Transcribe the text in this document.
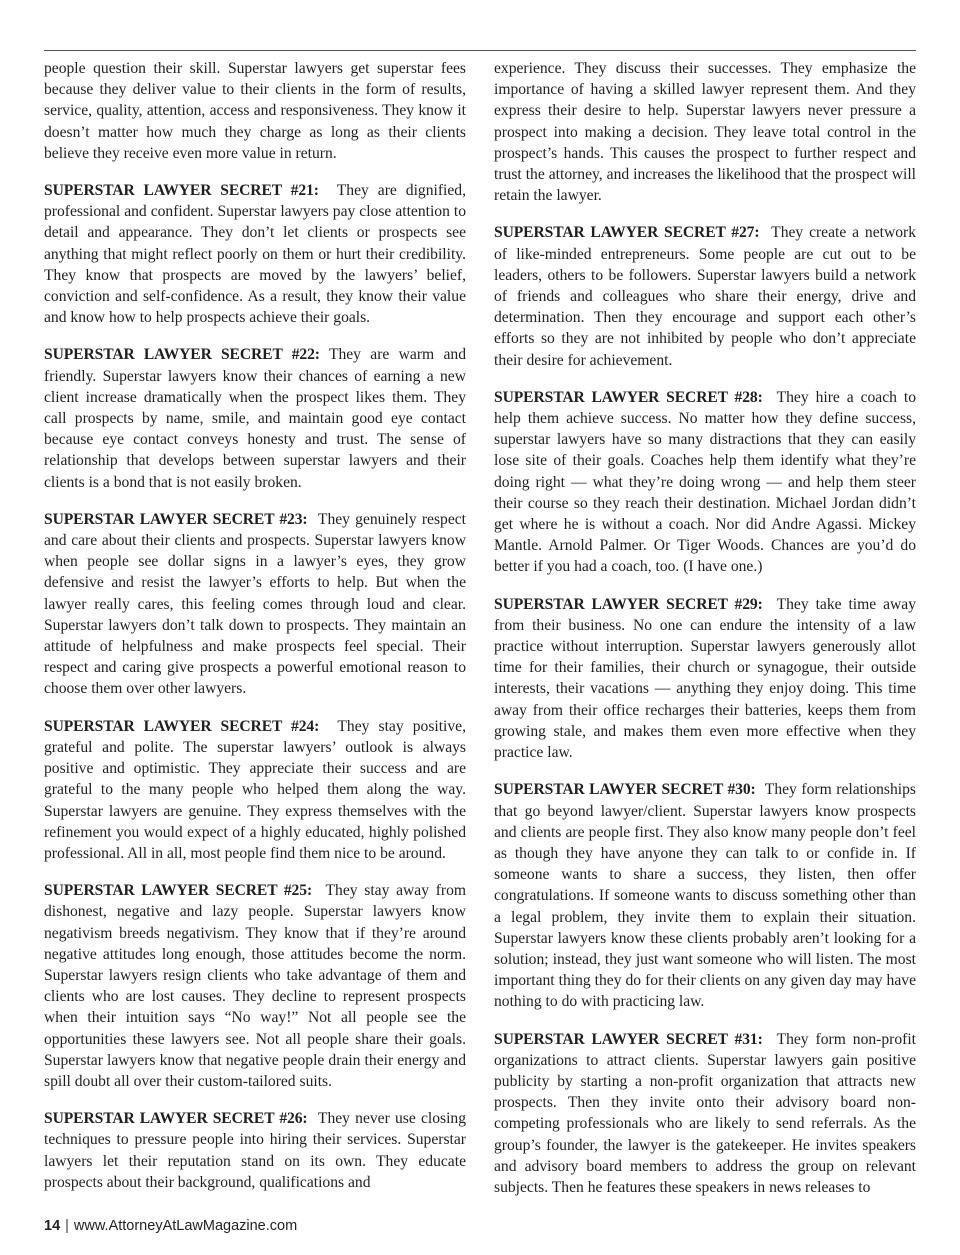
people question their skill. Superstar lawyers get superstar fees because they deliver value to their clients in the form of results, service, quality, attention, access and responsiveness. They know it doesn’t matter how much they charge as long as their clients believe they receive even more value in return.

SUPERSTAR LAWYER SECRET #21: They are dignified, professional and confident. Superstar lawyers pay close attention to detail and appearance. They don’t let clients or prospects see anything that might reflect poorly on them or hurt their credibility. They know that prospects are moved by the lawyers’ belief, conviction and self-confidence. As a result, they know their value and know how to help prospects achieve their goals.

SUPERSTAR LAWYER SECRET #22: They are warm and friendly. Superstar lawyers know their chances of earning a new client increase dramatically when the prospect likes them. They call prospects by name, smile, and maintain good eye contact because eye contact conveys honesty and trust. The sense of relationship that develops between superstar lawyers and their clients is a bond that is not easily broken.

SUPERSTAR LAWYER SECRET #23: They genuinely respect and care about their clients and prospects. Superstar lawyers know when people see dollar signs in a lawyer’s eyes, they grow defensive and resist the lawyer’s efforts to help. But when the lawyer really cares, this feeling comes through loud and clear. Superstar lawyers don’t talk down to prospects. They maintain an attitude of helpfulness and make prospects feel special. Their respect and caring give prospects a powerful emotional reason to choose them over other lawyers.

SUPERSTAR LAWYER SECRET #24: They stay positive, grateful and polite. The superstar lawyers’ outlook is always positive and optimistic. They appreciate their success and are grateful to the many people who helped them along the way. Superstar lawyers are genuine. They express themselves with the refinement you would expect of a highly educated, highly polished professional. All in all, most people find them nice to be around.

SUPERSTAR LAWYER SECRET #25: They stay away from dishonest, negative and lazy people. Superstar lawyers know negativism breeds negativism. They know that if they’re around negative attitudes long enough, those attitudes become the norm. Superstar lawyers resign clients who take advantage of them and clients who are lost causes. They decline to represent prospects when their intuition says “No way!” Not all people see the opportunities these lawyers see. Not all people share their goals. Superstar lawyers know that negative people drain their energy and spill doubt all over their custom-tailored suits.

SUPERSTAR LAWYER SECRET #26: They never use closing techniques to pressure people into hiring their services. Superstar lawyers let their reputation stand on its own. They educate prospects about their background, qualifications and

experience. They discuss their successes. They emphasize the importance of having a skilled lawyer represent them. And they express their desire to help. Superstar lawyers never pressure a prospect into making a decision. They leave total control in the prospect’s hands. This causes the prospect to further respect and trust the attorney, and increases the likelihood that the prospect will retain the lawyer.

SUPERSTAR LAWYER SECRET #27: They create a network of like-minded entrepreneurs. Some people are cut out to be leaders, others to be followers. Superstar lawyers build a network of friends and colleagues who share their energy, drive and determination. Then they encourage and support each other’s efforts so they are not inhibited by people who don’t appreciate their desire for achievement.

SUPERSTAR LAWYER SECRET #28: They hire a coach to help them achieve success. No matter how they define success, superstar lawyers have so many distractions that they can easily lose site of their goals. Coaches help them identify what they’re doing right — what they’re doing wrong — and help them steer their course so they reach their destination. Michael Jordan didn’t get where he is without a coach. Nor did Andre Agassi. Mickey Mantle. Arnold Palmer. Or Tiger Woods. Chances are you’d do better if you had a coach, too. (I have one.)

SUPERSTAR LAWYER SECRET #29: They take time away from their business. No one can endure the intensity of a law practice without interruption. Superstar lawyers generously allot time for their families, their church or synagogue, their outside interests, their vacations — anything they enjoy doing. This time away from their office recharges their batteries, keeps them from growing stale, and makes them even more effective when they practice law.

SUPERSTAR LAWYER SECRET #30: They form relationships that go beyond lawyer/client. Superstar lawyers know prospects and clients are people first. They also know many people don’t feel as though they have anyone they can talk to or confide in. If someone wants to share a success, they listen, then offer congratulations. If someone wants to discuss something other than a legal problem, they invite them to explain their situation. Superstar lawyers know these clients probably aren’t looking for a solution; instead, they just want someone who will listen. The most important thing they do for their clients on any given day may have nothing to do with practicing law.

SUPERSTAR LAWYER SECRET #31: They form non-profit organizations to attract clients. Superstar lawyers gain positive publicity by starting a non-profit organization that attracts new prospects. Then they invite onto their advisory board non-competing professionals who are likely to send referrals. As the group’s founder, the lawyer is the gatekeeper. He invites speakers and advisory board members to address the group on relevant subjects. Then he features these speakers in news releases to

14 | www.AttorneyAtLawMagazine.com
